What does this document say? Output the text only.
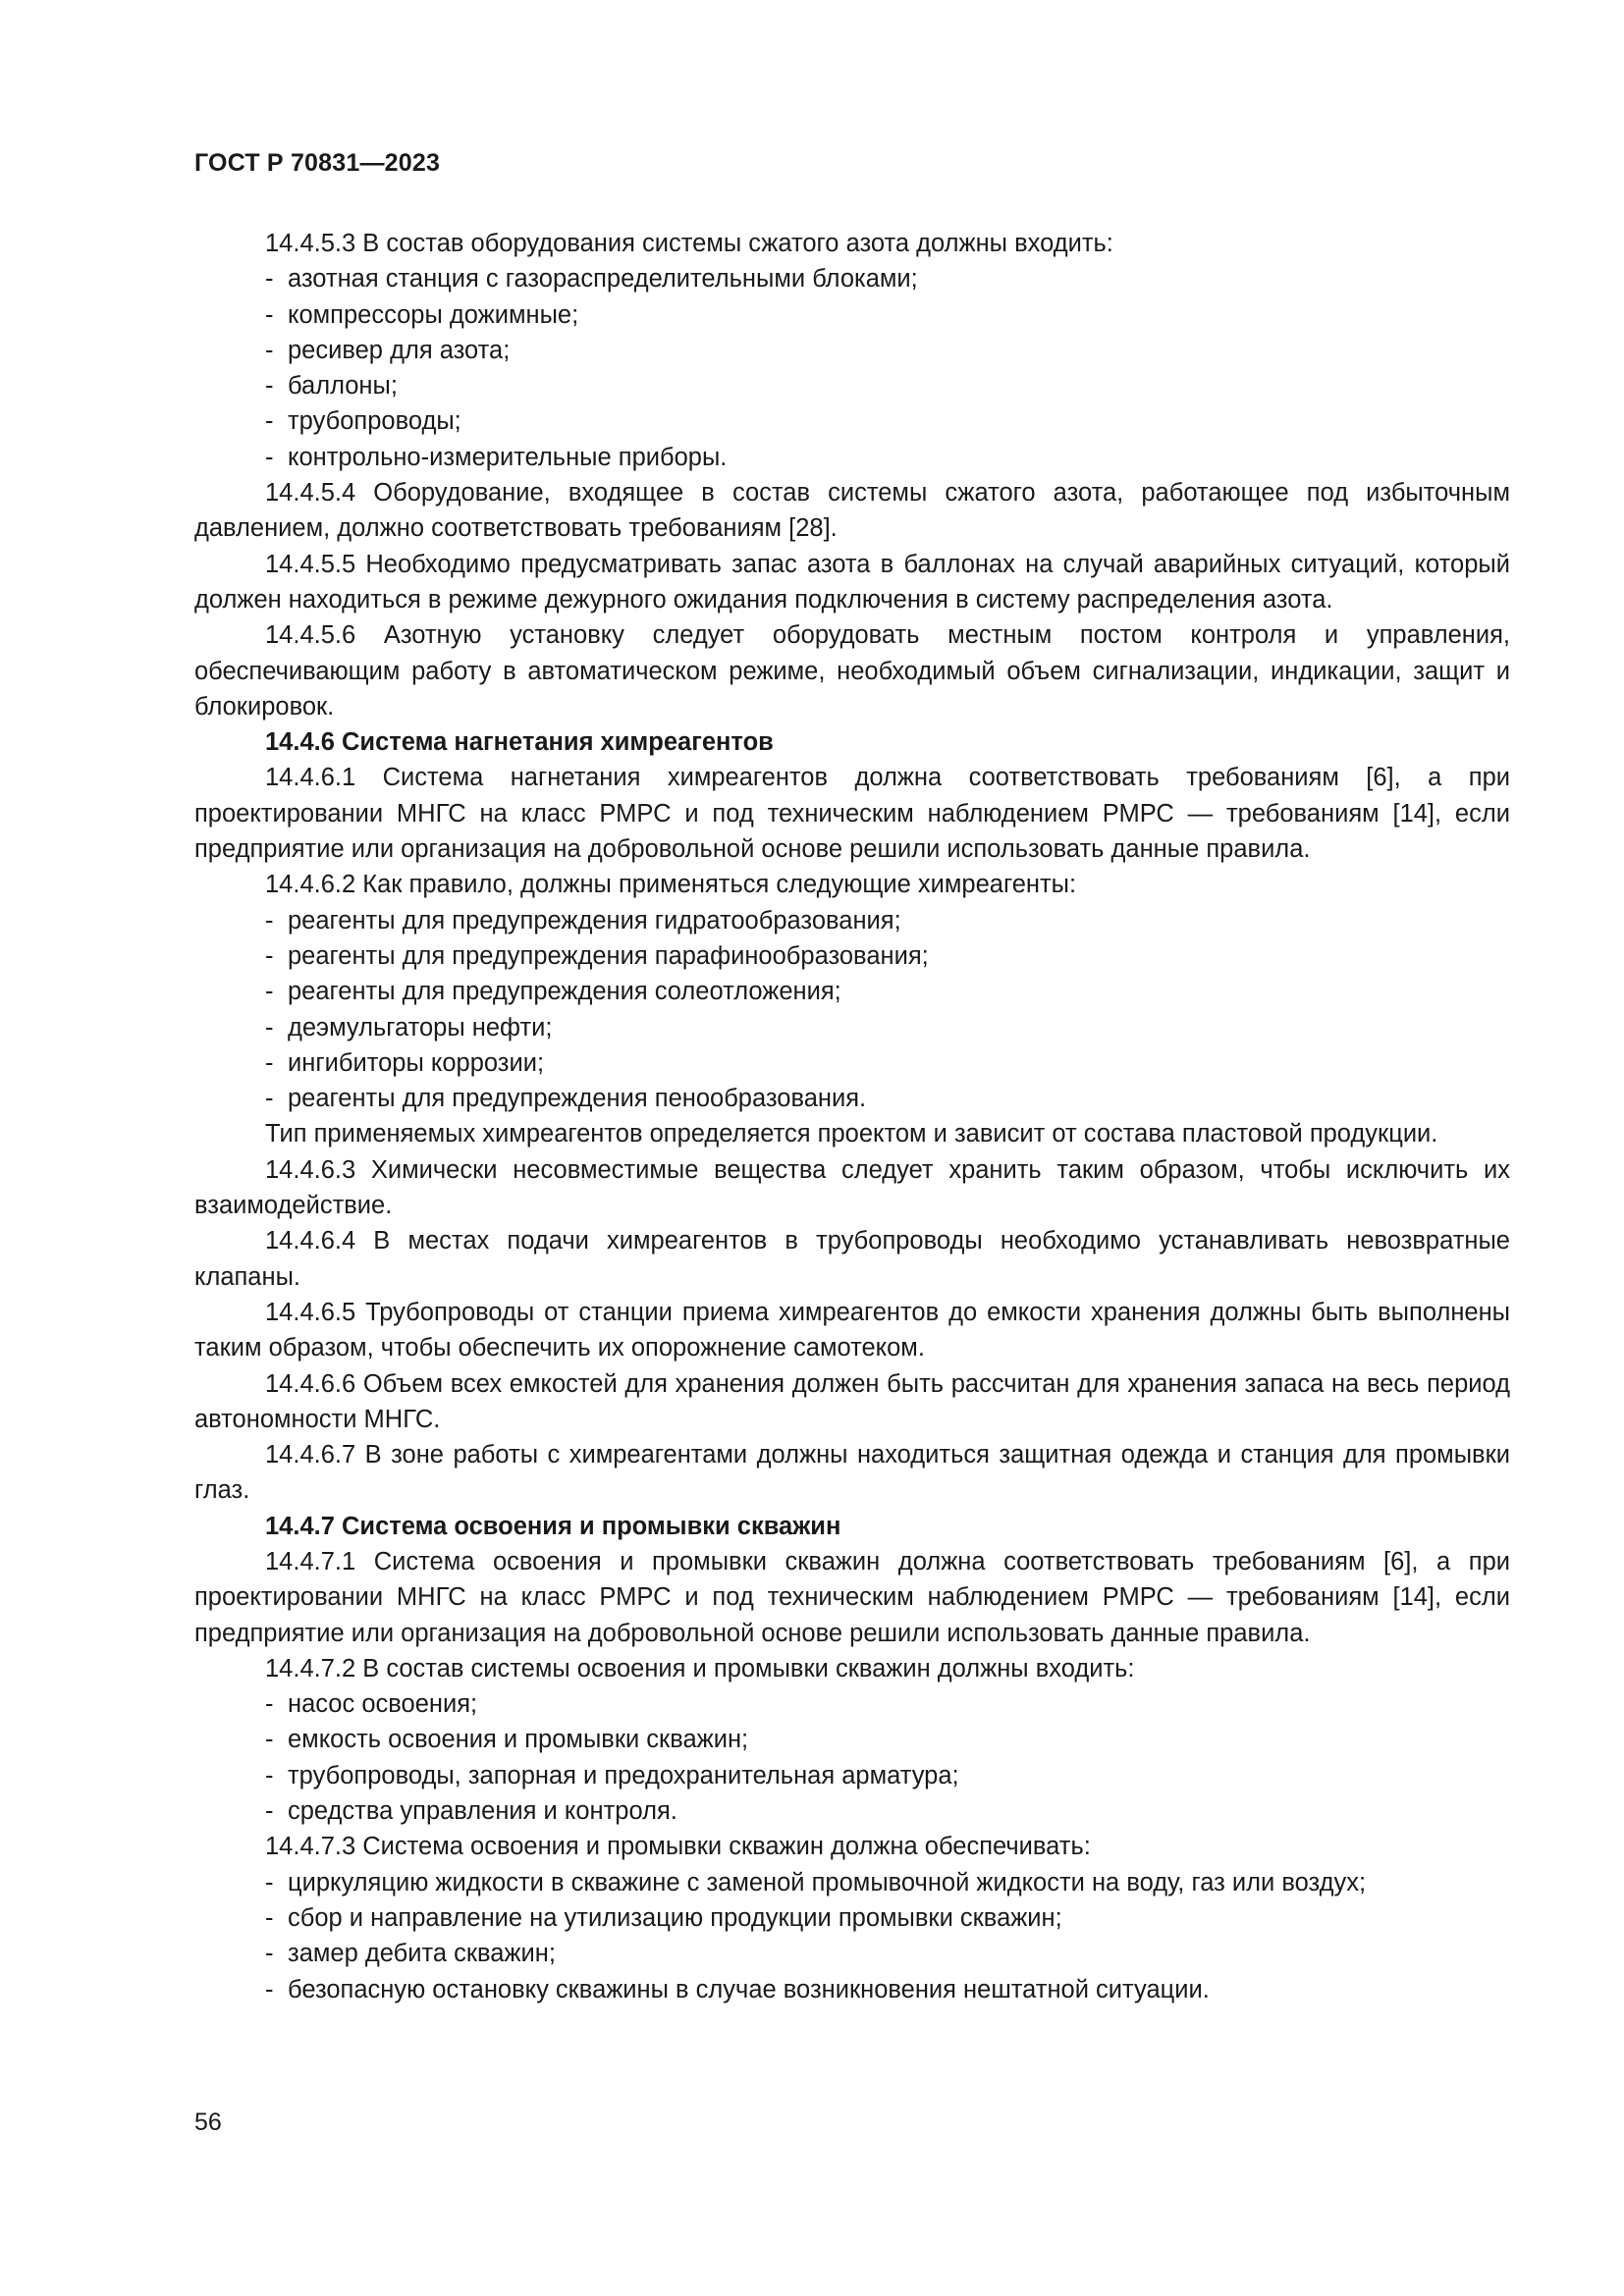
ГОСТ Р 70831—2023
14.4.5.3 В состав оборудования системы сжатого азота должны входить:
- азотная станция с газораспределительными блоками;
- компрессоры дожимные;
- ресивер для азота;
- баллоны;
- трубопроводы;
- контрольно-измерительные приборы.
14.4.5.4 Оборудование, входящее в состав системы сжатого азота, работающее под избыточным давлением, должно соответствовать требованиям [28].
14.4.5.5 Необходимо предусматривать запас азота в баллонах на случай аварийных ситуаций, который должен находиться в режиме дежурного ожидания подключения в систему распределения азота.
14.4.5.6 Азотную установку следует оборудовать местным постом контроля и управления, обеспечивающим работу в автоматическом режиме, необходимый объем сигнализации, индикации, защит и блокировок.
14.4.6 Система нагнетания химреагентов
14.4.6.1 Система нагнетания химреагентов должна соответствовать требованиям [6], а при проектировании МНГС на класс РМРС и под техническим наблюдением РМРС — требованиям [14], если предприятие или организация на добровольной основе решили использовать данные правила.
14.4.6.2 Как правило, должны применяться следующие химреагенты:
- реагенты для предупреждения гидратообразования;
- реагенты для предупреждения парафинообразования;
- реагенты для предупреждения солеотложения;
- деэмульгаторы нефти;
- ингибиторы коррозии;
- реагенты для предупреждения пенообразования.
Тип применяемых химреагентов определяется проектом и зависит от состава пластовой продукции.
14.4.6.3 Химически несовместимые вещества следует хранить таким образом, чтобы исключить их взаимодействие.
14.4.6.4 В местах подачи химреагентов в трубопроводы необходимо устанавливать невозвратные клапаны.
14.4.6.5 Трубопроводы от станции приема химреагентов до емкости хранения должны быть выполнены таким образом, чтобы обеспечить их опорожнение самотеком.
14.4.6.6 Объем всех емкостей для хранения должен быть рассчитан для хранения запаса на весь период автономности МНГС.
14.4.6.7 В зоне работы с химреагентами должны находиться защитная одежда и станция для промывки глаз.
14.4.7 Система освоения и промывки скважин
14.4.7.1 Система освоения и промывки скважин должна соответствовать требованиям [6], а при проектировании МНГС на класс РМРС и под техническим наблюдением РМРС — требованиям [14], если предприятие или организация на добровольной основе решили использовать данные правила.
14.4.7.2 В состав системы освоения и промывки скважин должны входить:
- насос освоения;
- емкость освоения и промывки скважин;
- трубопроводы, запорная и предохранительная арматура;
- средства управления и контроля.
14.4.7.3 Система освоения и промывки скважин должна обеспечивать:
- циркуляцию жидкости в скважине с заменой промывочной жидкости на воду, газ или воздух;
- сбор и направление на утилизацию продукции промывки скважин;
- замер дебита скважин;
- безопасную остановку скважины в случае возникновения нештатной ситуации.
56
